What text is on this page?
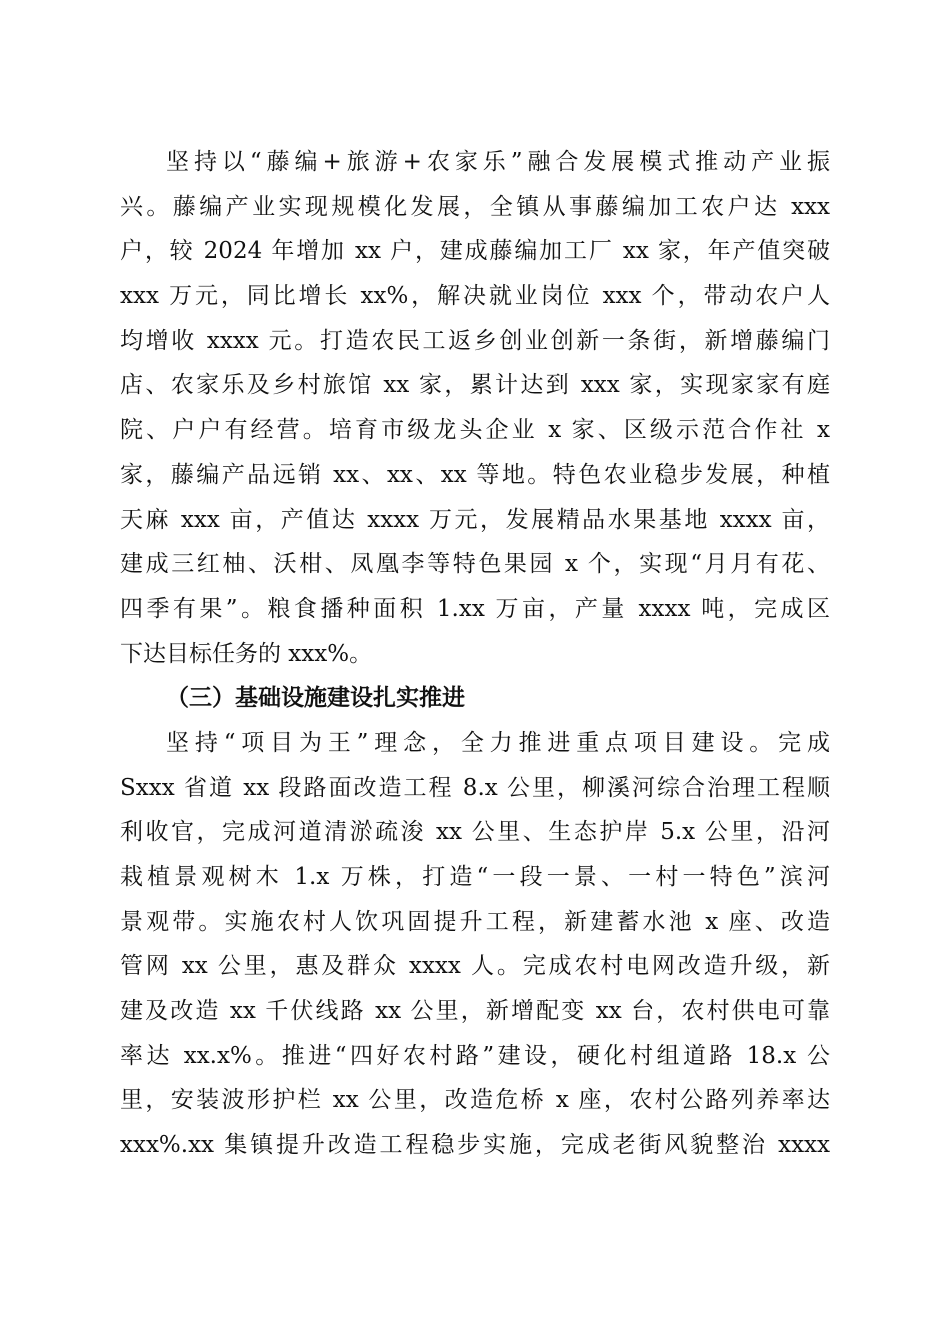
坚持以“藤编+旅游+农家乐”融合发展模式推动产业振
兴。藤编产业实现规模化发展，全镇从事藤编加工农户达 xxx
户，较 2024 年增加 xx 户，建成藤编加工厂 xx 家，年产值突破
xxx 万元，同比增长 xx%，解决就业岗位 xxx 个，带动农户人
均增收 xxxx 元。打造农民工返乡创业创新一条街，新增藤编门
店、农家乐及乡村旅馆 xx 家，累计达到 xxx 家，实现家家有庭
院、户户有经营。培育市级龙头企业 x 家、区级示范合作社 x
家，藤编产品远销 xx、xx、xx 等地。特色农业稳步发展，种植
天麻 xxx 亩，产值达 xxxx 万元，发展精品水果基地 xxxx 亩，
建成三红柚、沃柑、凤凰李等特色果园 x 个，实现“月月有花、
四季有果”。粮食播种面积 1.xx 万亩，产量 xxxx 吨，完成区
下达目标任务的 xxx%。
（三）基础设施建设扎实推进
坚持“项目为王”理念，全力推进重点项目建设。完成
Sxxx 省道 xx 段路面改造工程 8.x 公里，柳溪河综合治理工程顺
利收官，完成河道清淤疏浚 xx 公里、生态护岸 5.x 公里，沿河
栽植景观树木 1.x 万株，打造“一段一景、一村一特色”滨河
景观带。实施农村人饮巩固提升工程，新建蓄水池 x 座、改造
管网 xx 公里，惠及群众 xxxx 人。完成农村电网改造升级，新
建及改造 xx 千伏线路 xx 公里，新增配变 xx 台，农村供电可靠
率达 xx.x%。推进“四好农村路”建设，硬化村组道路 18.x 公
里，安装波形护栏 xx 公里，改造危桥 x 座，农村公路列养率达
xxx%.xx 集镇提升改造工程稳步实施，完成老街风貌整治 xxxx
